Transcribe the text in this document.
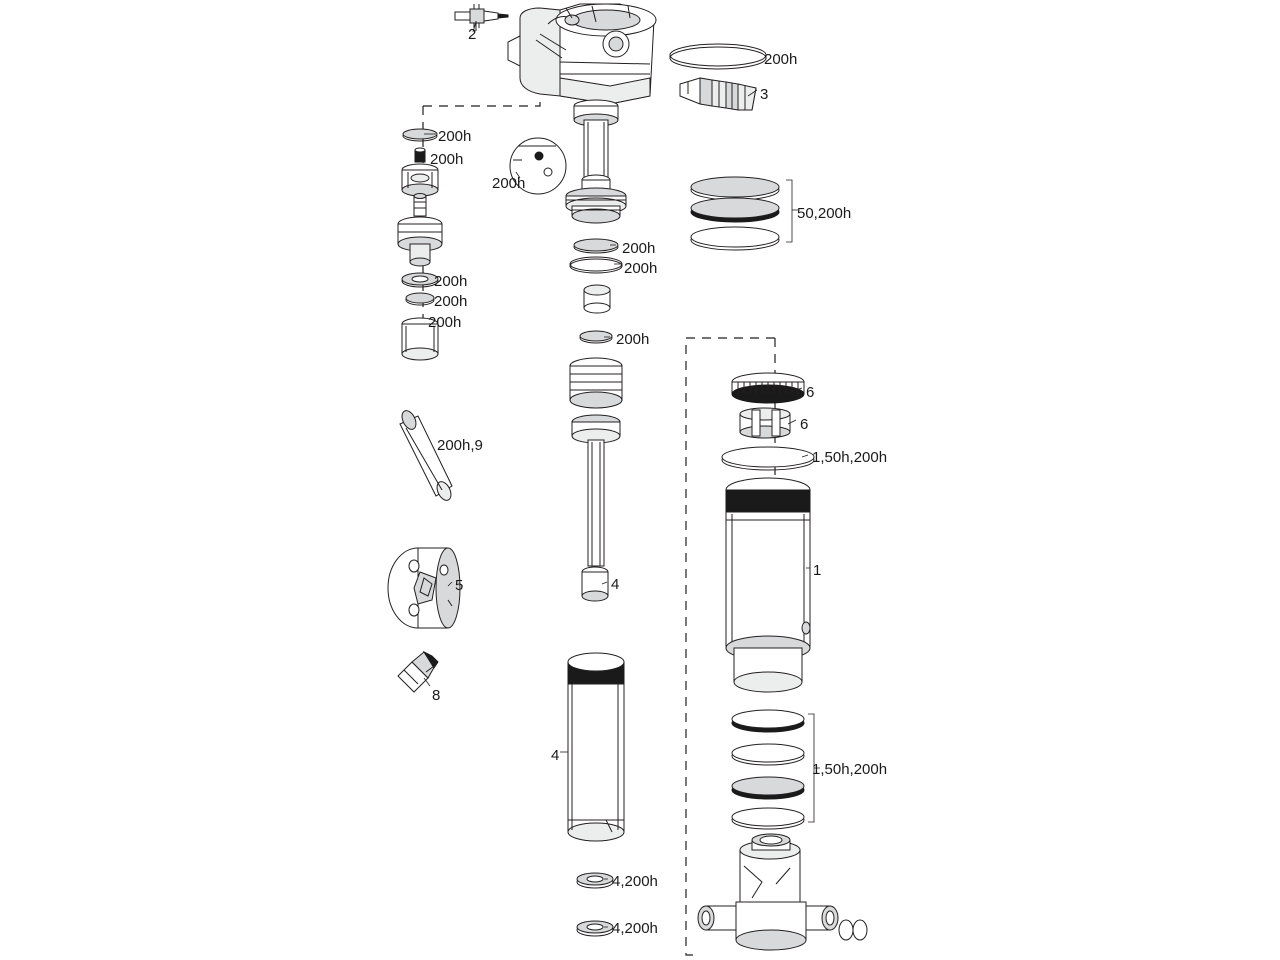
2
200h
3
200h
200h
200h
50,200h
200h
200h
200h
200h
200h
200h
6
6
1,50h,200h
200h,9
1
5	4
8
1,50h,200h
4
4,200h
4,200h
